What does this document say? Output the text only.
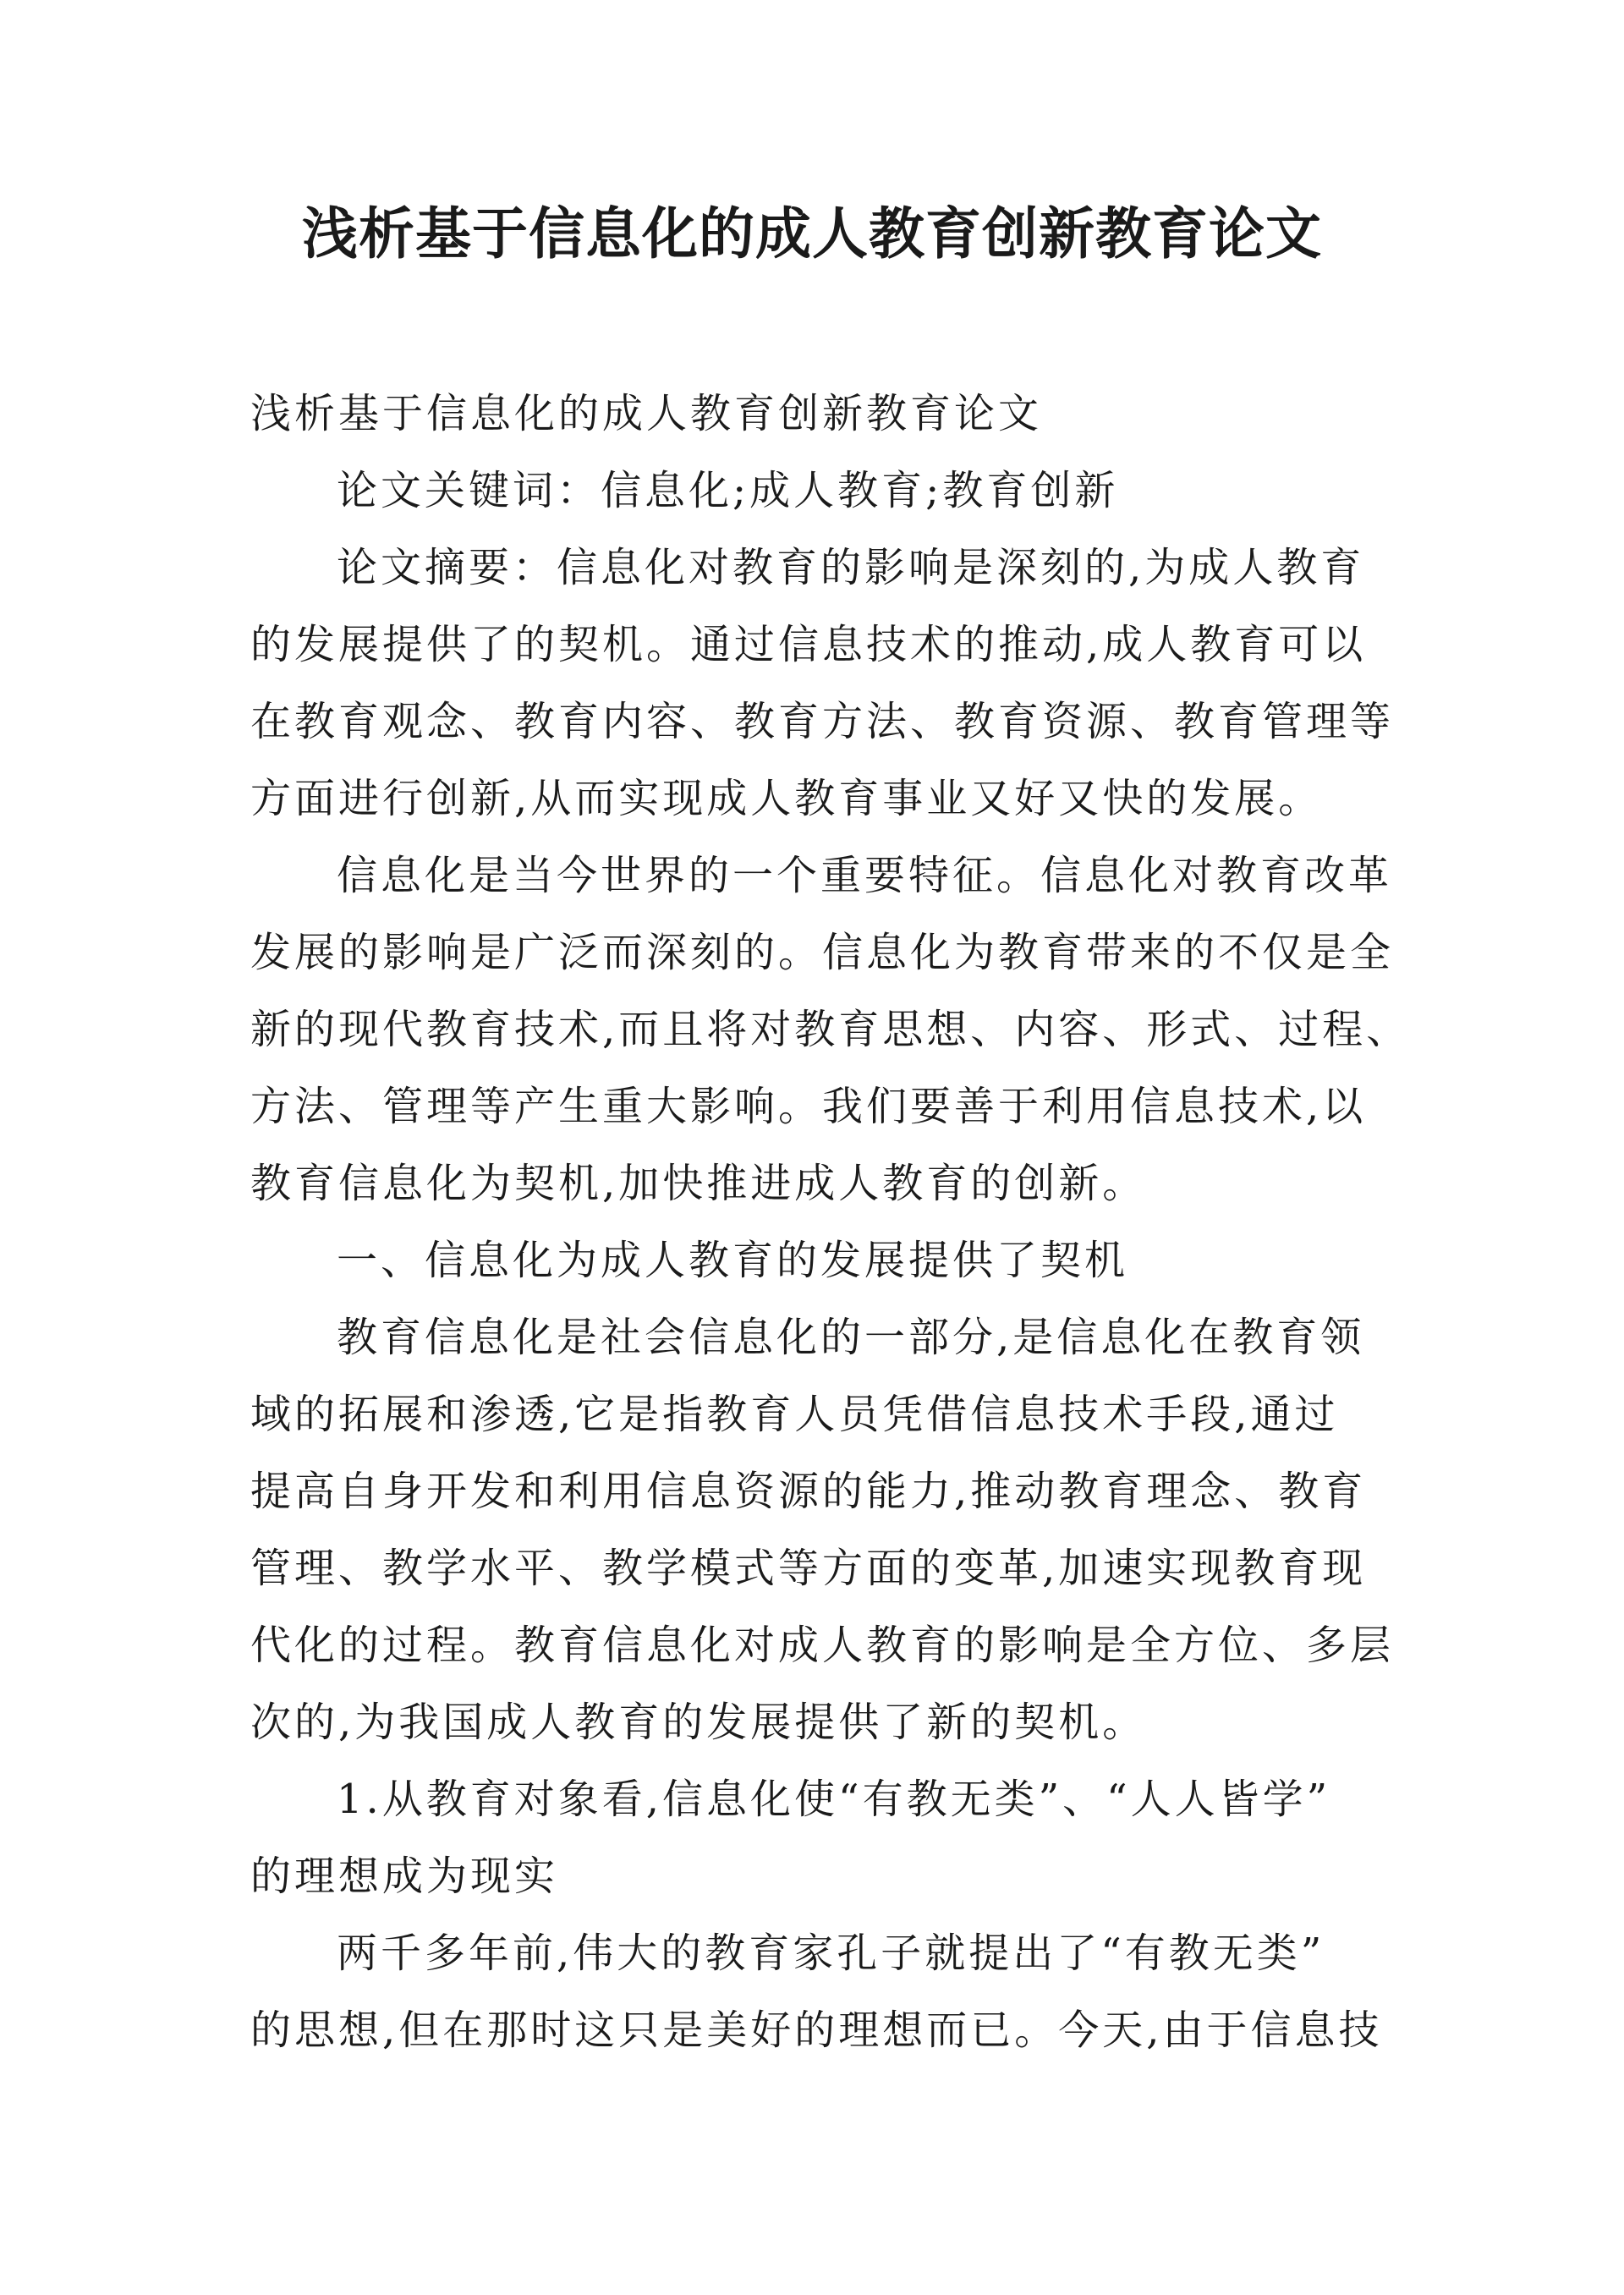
浅析基于信息化的成人教育创新教育论文
浅析基于信息化的成人教育创新教育论文
论文关键词：信息化;成人教育;教育创新
论文摘要：信息化对教育的影响是深刻的,为成人教育
的发展提供了的契机。通过信息技术的推动,成人教育可以
在教育观念、教育内容、教育方法、教育资源、教育管理等
方面进行创新,从而实现成人教育事业又好又快的发展。
信息化是当今世界的一个重要特征。信息化对教育改革
发展的影响是广泛而深刻的。信息化为教育带来的不仅是全
新的现代教育技术,而且将对教育思想、内容、形式、过程、
方法、管理等产生重大影响。我们要善于利用信息技术,以
教育信息化为契机,加快推进成人教育的创新。
一、信息化为成人教育的发展提供了契机
教育信息化是社会信息化的一部分,是信息化在教育领
域的拓展和渗透,它是指教育人员凭借信息技术手段,通过
提高自身开发和利用信息资源的能力,推动教育理念、教育
管理、教学水平、教学模式等方面的变革,加速实现教育现
代化的过程。教育信息化对成人教育的影响是全方位、多层
次的,为我国成人教育的发展提供了新的契机。
1.从教育对象看,信息化使“有教无类”、“人人皆学”
的理想成为现实
两千多年前,伟大的教育家孔子就提出了“有教无类”
的思想,但在那时这只是美好的理想而已。今天,由于信息技
